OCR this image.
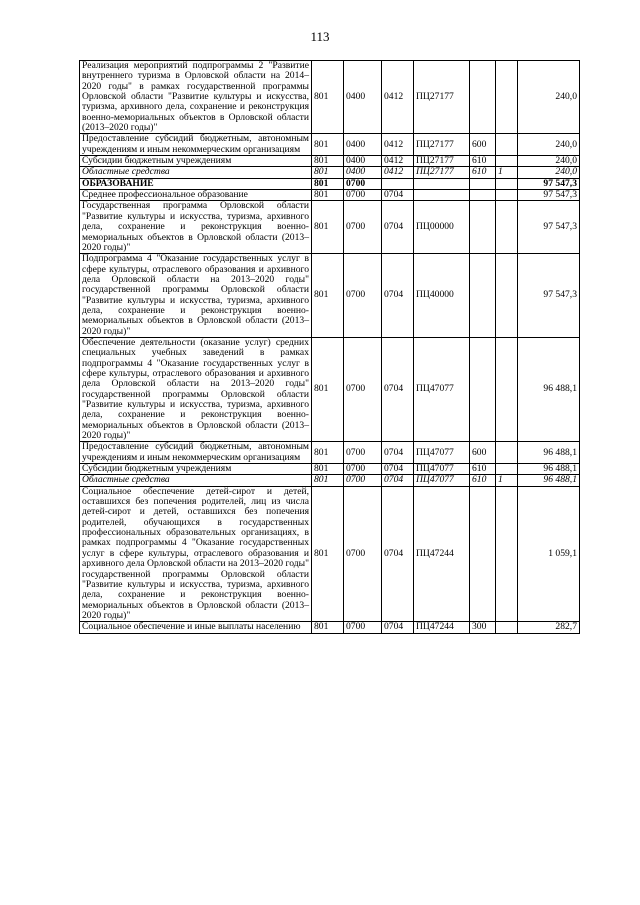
113
Реализация мероприятий подпрограммы 2 "Развитие внутреннего туризма в Орловской области на 2014–2020 годы" в рамках государственной программы Орловской области "Развитие культуры и искусства, туризма, архивного дела, сохранение и реконструкция военно-мемориальных объектов в Орловской области (2013–2020 годы)"	801	0400	0412	ПЦ27177			240,0
Предоставление субсидий бюджетным, автономным учреждениям и иным некоммерческим организациям	801	0400	0412	ПЦ27177	600		240,0
Субсидии бюджетным учреждениям	801	0400	0412	ПЦ27177	610		240,0
Областные средства	801	0400	0412	ПЦ27177	610	1	240,0
ОБРАЗОВАНИЕ	801	0700					97 547,3
Среднее профессиональное образование	801	0700	0704				97 547,3
Государственная программа Орловской области "Развитие культуры и искусства, туризма, архивного дела, сохранение и реконструкция военно-мемориальных объектов в Орловской области (2013–2020 годы)"	801	0700	0704	ПЦ00000			97 547,3
Подпрограмма 4 "Оказание государственных услуг в сфере культуры, отраслевого образования и архивного дела Орловской области на 2013–2020 годы" государственной программы Орловской области "Развитие культуры и искусства, туризма, архивного дела, сохранение и реконструкция военно-мемориальных объектов в Орловской области (2013–2020 годы)"	801	0700	0704	ПЦ40000			97 547,3
Обеспечение деятельности (оказание услуг) средних специальных учебных заведений в рамках подпрограммы 4 "Оказание государственных услуг в сфере культуры, отраслевого образования и архивного дела Орловской области на 2013–2020 годы" государственной программы Орловской области "Развитие культуры и искусства, туризма, архивного дела, сохранение и реконструкция военно-мемориальных объектов в Орловской области (2013–2020 годы)"	801	0700	0704	ПЦ47077			96 488,1
Предоставление субсидий бюджетным, автономным учреждениям и иным некоммерческим организациям	801	0700	0704	ПЦ47077	600		96 488,1
Субсидии бюджетным учреждениям	801	0700	0704	ПЦ47077	610		96 488,1
Областные средства	801	0700	0704	ПЦ47077	610	1	96 488,1
Социальное обеспечение детей-сирот и детей, оставшихся без попечения родителей, лиц из числа детей-сирот и детей, оставшихся без попечения родителей, обучающихся в государственных профессиональных образовательных организациях, в рамках подпрограммы 4 "Оказание государственных услуг в сфере культуры, отраслевого образования и архивного дела Орловской области на 2013–2020 годы" государственной программы Орловской области "Развитие культуры и искусства, туризма, архивного дела, сохранение и реконструкция военно-мемориальных объектов в Орловской области (2013–2020 годы)"	801	0700	0704	ПЦ47244			1 059,1
Социальное обеспечение и иные выплаты населению	801	0700	0704	ПЦ47244	300		282,7
